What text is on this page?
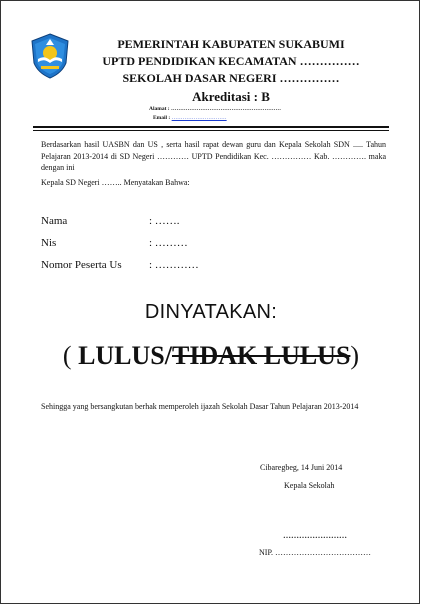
PEMERINTAH KABUPATEN SUKABUMI
UPTD PENDIDIKAN KECAMATAN ……………
SEKOLAH DASAR NEGERI ……………
Akreditasi : B
Alamat : ……………………………………………………
Email : …………………………
Berdasarkan hasil UASBN dan US , serta hasil rapat dewan guru dan Kepala Sekolah SDN ..... Tahun Pelajaran 2013-2014 di SD Negeri ………… UPTD Pendidikan Kec. …………… Kab. …………. maka dengan ini
Kepala SD Negeri …….. Menyatakan Bahwa:
Nama	: …….
Nis	: ………
Nomor Peserta Us : …………
DINYATAKAN:
( LULUS/TIDAK LULUS)
Sehingga yang bersangkutan berhak memperoleh ijazah Sekolah Dasar Tahun Pelajaran 2013-2014
Cibaregbeg, 14 Juni 2014
Kepala Sekolah
……………………
NIP. ………………………………
